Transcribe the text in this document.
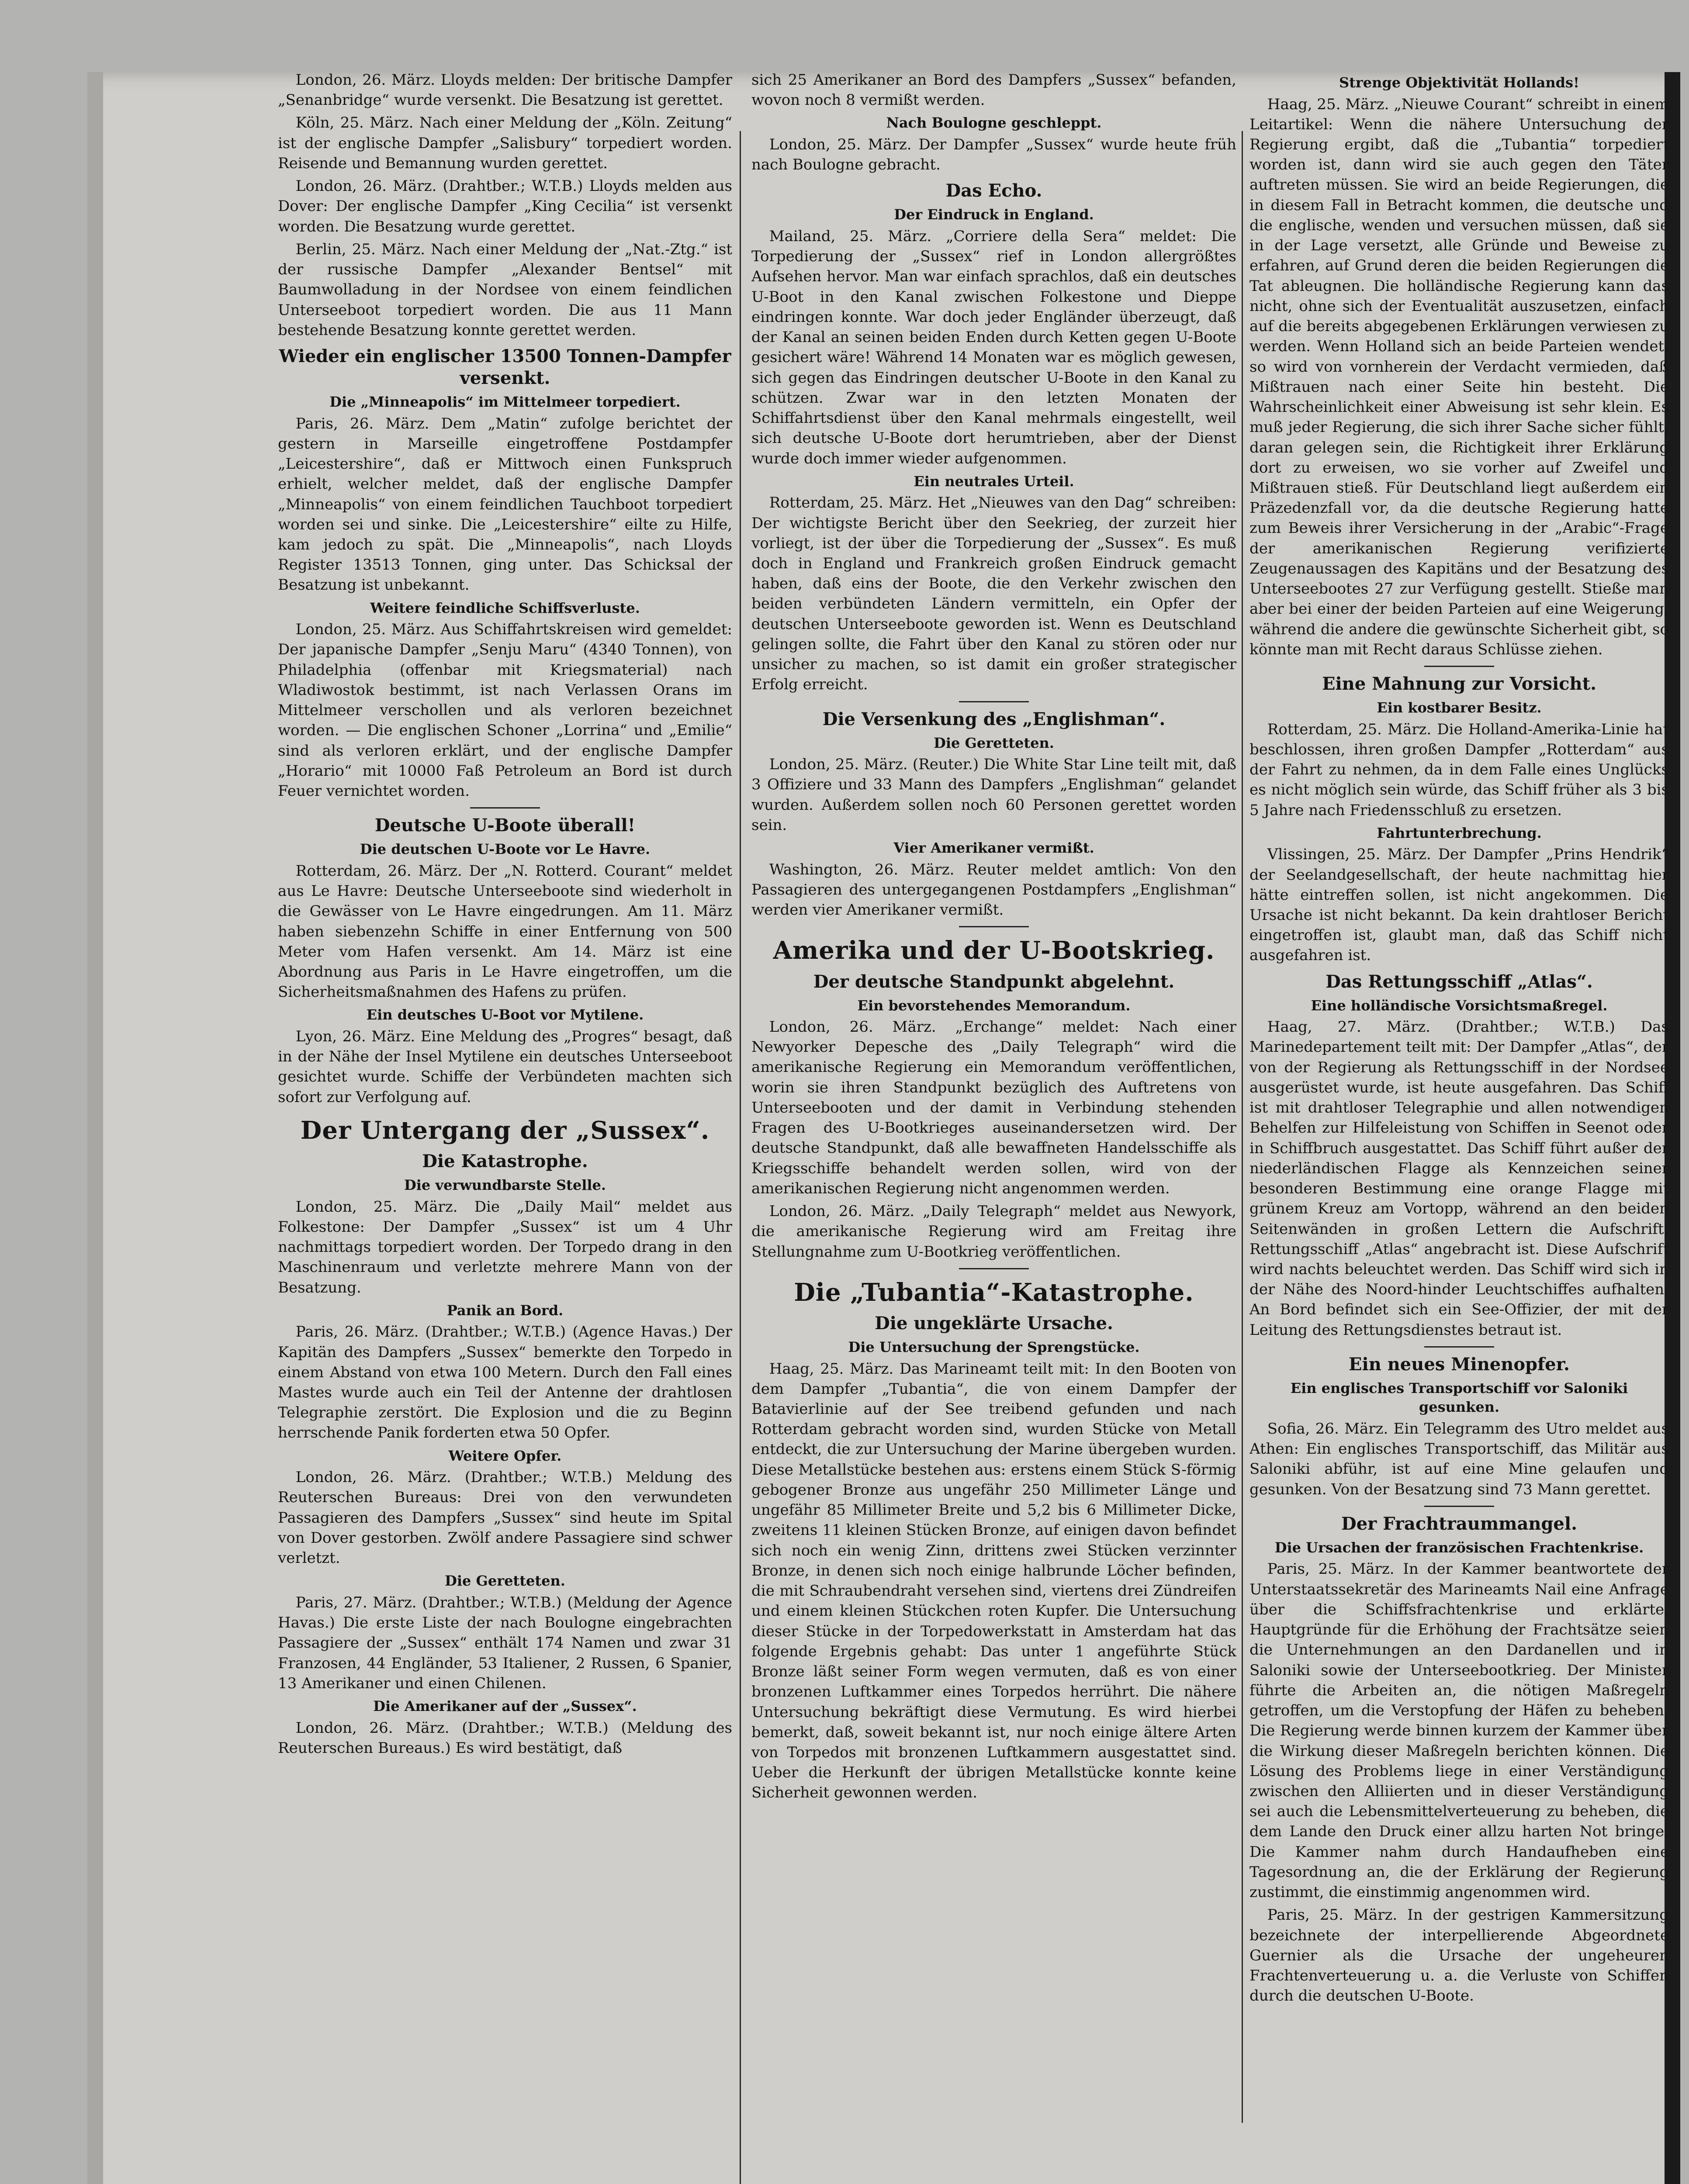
London, 26. März. Lloyds melden: Der britische Dampfer „Senanbridge“ wurde versenkt. Die Besatzung ist gerettet.

Köln, 25. März. Nach einer Meldung der „Köln. Zeitung“ ist der englische Dampfer „Salisbury“ torpediert worden. Reisende und Bemannung wurden gerettet.

London, 26. März. (Drahtber.; W.T.B.) Lloyds melden aus Dover: Der englische Dampfer „King Cecilia“ ist versenkt worden. Die Besatzung wurde gerettet.

Berlin, 25. März. Nach einer Meldung der „Nat.-Ztg.“ ist der russische Dampfer „Alexander Bentsel“ mit Baumwolladung in der Nordsee von einem feindlichen Unterseeboot torpediert worden. Die aus 11 Mann bestehende Besatzung konnte gerettet werden.

Wieder ein englischer 13500 Tonnen-Dampfer versenkt.
Die „Minneapolis“ im Mittelmeer torpediert.

Paris, 26. März. Dem „Matin“ zufolge berichtet der gestern in Marseille eingetroffene Postdampfer „Leicestershire“, daß er Mittwoch einen Funkspruch erhielt, welcher meldet, daß der englische Dampfer „Minneapolis“ von einem feindlichen Tauchboot torpediert worden sei und sinke. Die „Leicestershire“ eilte zu Hilfe, kam jedoch zu spät. Die „Minneapolis“, nach Lloyds Register 13513 Tonnen, ging unter. Das Schicksal der Besatzung ist unbekannt.

Weitere feindliche Schiffsverluste.

London, 25. März. Aus Schiffahrtskreisen wird gemeldet: Der japanische Dampfer „Senju Maru“ (4340 Tonnen), von Philadelphia (offenbar mit Kriegsmaterial) nach Wladiwostok bestimmt, ist nach Verlassen Orans im Mittelmeer verschollen und als verloren bezeichnet worden. — Die englischen Schoner „Lorrina“ und „Emilie“ sind als verloren erklärt, und der englische Dampfer „Horario“ mit 10000 Faß Petroleum an Bord ist durch Feuer vernichtet worden.

Deutsche U-Boote überall!
Die deutschen U-Boote vor Le Havre.

Rotterdam, 26. März. Der „N. Rotterd. Courant“ meldet aus Le Havre: Deutsche Unterseeboote sind wiederholt in die Gewässer von Le Havre eingedrungen. Am 11. März haben siebenzehn Schiffe in einer Entfernung von 500 Meter vom Hafen versenkt. Am 14. März ist eine Abordnung aus Paris in Le Havre eingetroffen, um die Sicherheitsmaßnahmen des Hafens zu prüfen.

Ein deutsches U-Boot vor Mytilene.

Lyon, 26. März. Eine Meldung des „Progres“ besagt, daß in der Nähe der Insel Mytilene ein deutsches Unterseeboot gesichtet wurde. Schiffe der Verbündeten machten sich sofort zur Verfolgung auf.

Der Untergang der „Sussex“.
Die Katastrophe.
Die verwundbarste Stelle.

London, 25. März. Die „Daily Mail“ meldet aus Folkestone: Der Dampfer „Sussex“ ist um 4 Uhr nachmittags torpediert worden. Der Torpedo drang in den Maschinenraum und verletzte mehrere Mann von der Besatzung.

Panik an Bord.

Paris, 26. März. (Drahtber.; W.T.B.) (Agence Havas.) Der Kapitän des Dampfers „Sussex“ bemerkte den Torpedo in einem Abstand von etwa 100 Metern. Durch den Fall eines Mastes wurde auch ein Teil der Antenne der drahtlosen Telegraphie zerstört. Die Explosion und die zu Beginn herrschende Panik forderten etwa 50 Opfer.

Weitere Opfer.

London, 26. März. (Drahtber.; W.T.B.) Meldung des Reuterschen Bureaus: Drei von den verwundeten Passagieren des Dampfers „Sussex“ sind heute im Spital von Dover gestorben. Zwölf andere Passagiere sind schwer verletzt.

Die Geretteten.

Paris, 27. März. (Drahtber.; W.T.B.) (Meldung der Agence Havas.) Die erste Liste der nach Boulogne eingebrachten Passagiere der „Sussex“ enthält 174 Namen und zwar 31 Franzosen, 44 Engländer, 53 Italiener, 2 Russen, 6 Spanier, 13 Amerikaner und einen Chilenen.

Die Amerikaner auf der „Sussex“.

London, 26. März. (Drahtber.; W.T.B.) (Meldung des Reuterschen Bureaus.) Es wird bestätigt, daß

sich 25 Amerikaner an Bord des Dampfers „Sussex“ befanden, wovon noch 8 vermißt werden.

Nach Boulogne geschleppt.

London, 25. März. Der Dampfer „Sussex“ wurde heute früh nach Boulogne gebracht.

Das Echo.
Der Eindruck in England.

Mailand, 25. März. „Corriere della Sera“ meldet: Die Torpedierung der „Sussex“ rief in London allergrößtes Aufsehen hervor. Man war einfach sprachlos, daß ein deutsches U-Boot in den Kanal zwischen Folkestone und Dieppe eindringen konnte. War doch jeder Engländer überzeugt, daß der Kanal an seinen beiden Enden durch Ketten gegen U-Boote gesichert wäre! Während 14 Monaten war es möglich gewesen, sich gegen das Eindringen deutscher U-Boote in den Kanal zu schützen. Zwar war in den letzten Monaten der Schiffahrtsdienst über den Kanal mehrmals eingestellt, weil sich deutsche U-Boote dort herumtrieben, aber der Dienst wurde doch immer wieder aufgenommen.

Ein neutrales Urteil.

Rotterdam, 25. März. Het „Nieuwes van den Dag“ schreiben: Der wichtigste Bericht über den Seekrieg, der zurzeit hier vorliegt, ist der über die Torpedierung der „Sussex“. Es muß doch in England und Frankreich großen Eindruck gemacht haben, daß eins der Boote, die den Verkehr zwischen den beiden verbündeten Ländern vermitteln, ein Opfer der deutschen Unterseeboote geworden ist. Wenn es Deutschland gelingen sollte, die Fahrt über den Kanal zu stören oder nur unsicher zu machen, so ist damit ein großer strategischer Erfolg erreicht.

Die Versenkung des „Englishman“.
Die Geretteten.

London, 25. März. (Reuter.) Die White Star Line teilt mit, daß 3 Offiziere und 33 Mann des Dampfers „Englishman“ gelandet wurden. Außerdem sollen noch 60 Personen gerettet worden sein.

Vier Amerikaner vermißt.

Washington, 26. März. Reuter meldet amtlich: Von den Passagieren des untergegangenen Postdampfers „Englishman“ werden vier Amerikaner vermißt.

Amerika und der U-Bootskrieg.
Der deutsche Standpunkt abgelehnt.
Ein bevorstehendes Memorandum.

London, 26. März. „Erchange“ meldet: Nach einer Newyorker Depesche des „Daily Telegraph“ wird die amerikanische Regierung ein Memorandum veröffentlichen, worin sie ihren Standpunkt bezüglich des Auftretens von Unterseebooten und der damit in Verbindung stehenden Fragen des U-Bootkrieges auseinandersetzen wird. Der deutsche Standpunkt, daß alle bewaffneten Handelsschiffe als Kriegsschiffe behandelt werden sollen, wird von der amerikanischen Regierung nicht angenommen werden.

London, 26. März. „Daily Telegraph“ meldet aus Newyork, die amerikanische Regierung wird am Freitag ihre Stellungnahme zum U-Bootkrieg veröffentlichen.

Die „Tubantia“-Katastrophe.
Die ungeklärte Ursache.
Die Untersuchung der Sprengstücke.

Haag, 25. März. Das Marineamt teilt mit: In den Booten von dem Dampfer „Tubantia“, die von einem Dampfer der Batavierlinie auf der See treibend gefunden und nach Rotterdam gebracht worden sind, wurden Stücke von Metall entdeckt, die zur Untersuchung der Marine übergeben wurden. Diese Metallstücke bestehen aus: erstens einem Stück S-förmig gebogener Bronze aus ungefähr 250 Millimeter Länge und ungefähr 85 Millimeter Breite und 5,2 bis 6 Millimeter Dicke, zweitens 11 kleinen Stücken Bronze, auf einigen davon befindet sich noch ein wenig Zinn, drittens zwei Stücken verzinnter Bronze, in denen sich noch einige halbrunde Löcher befinden, die mit Schraubendraht versehen sind, viertens drei Zündreifen und einem kleinen Stückchen roten Kupfer. Die Untersuchung dieser Stücke in der Torpedowerkstatt in Amsterdam hat das folgende Ergebnis gehabt: Das unter 1 angeführte Stück Bronze läßt seiner Form wegen vermuten, daß es von einer bronzenen Luftkammer eines Torpedos herrührt. Die nähere Untersuchung bekräftigt diese Vermutung. Es wird hierbei bemerkt, daß, soweit bekannt ist, nur noch einige ältere Arten von Torpedos mit bronzenen Luftkammern ausgestattet sind. Ueber die Herkunft der übrigen Metallstücke konnte keine Sicherheit gewonnen werden.

Strenge Objektivität Hollands!

Haag, 25. März. „Nieuwe Courant“ schreibt in einem Leitartikel: Wenn die nähere Untersuchung der Regierung ergibt, daß die „Tubantia“ torpediert worden ist, dann wird sie auch gegen den Täter auftreten müssen. Sie wird an beide Regierungen, die in diesem Fall in Betracht kommen, die deutsche und die englische, wenden und versuchen müssen, daß sie in der Lage versetzt, alle Gründe und Beweise zu erfahren, auf Grund deren die beiden Regierungen die Tat ableugnen. Die holländische Regierung kann das nicht, ohne sich der Eventualität auszusetzen, einfach auf die bereits abgegebenen Erklärungen verwiesen zu werden. Wenn Holland sich an beide Parteien wendet, so wird von vornherein der Verdacht vermieden, daß Mißtrauen nach einer Seite hin besteht. Die Wahrscheinlichkeit einer Abweisung ist sehr klein. Es muß jeder Regierung, die sich ihrer Sache sicher fühlt, daran gelegen sein, die Richtigkeit ihrer Erklärung dort zu erweisen, wo sie vorher auf Zweifel und Mißtrauen stieß. Für Deutschland liegt außerdem ein Präzedenzfall vor, da die deutsche Regierung hatte zum Beweis ihrer Versicherung in der „Arabic“-Frage der amerikanischen Regierung verifizierte Zeugenaussagen des Kapitäns und der Besatzung des Unterseebootes 27 zur Verfügung gestellt. Stieße man aber bei einer der beiden Parteien auf eine Weigerung, während die andere die gewünschte Sicherheit gibt, so könnte man mit Recht daraus Schlüsse ziehen.

Eine Mahnung zur Vorsicht.
Ein kostbarer Besitz.

Rotterdam, 25. März. Die Holland-Amerika-Linie hat beschlossen, ihren großen Dampfer „Rotterdam“ aus der Fahrt zu nehmen, da in dem Falle eines Unglücks es nicht möglich sein würde, das Schiff früher als 3 bis 5 Jahre nach Friedensschluß zu ersetzen.

Fahrtunterbrechung.

Vlissingen, 25. März. Der Dampfer „Prins Hendrik“ der Seelandgesellschaft, der heute nachmittag hier hätte eintreffen sollen, ist nicht angekommen. Die Ursache ist nicht bekannt. Da kein drahtloser Bericht eingetroffen ist, glaubt man, daß das Schiff nicht ausgefahren ist.

Das Rettungsschiff „Atlas“.
Eine holländische Vorsichtsmaßregel.

Haag, 27. März. (Drahtber.; W.T.B.) Das Marinedepartement teilt mit: Der Dampfer „Atlas“, der von der Regierung als Rettungsschiff in der Nordsee ausgerüstet wurde, ist heute ausgefahren. Das Schiff ist mit drahtloser Telegraphie und allen notwendigen Behelfen zur Hilfeleistung von Schiffen in Seenot oder in Schiffbruch ausgestattet. Das Schiff führt außer der niederländischen Flagge als Kennzeichen seiner besonderen Bestimmung eine orange Flagge mit grünem Kreuz am Vortopp, während an den beiden Seitenwänden in großen Lettern die Aufschrift: Rettungsschiff „Atlas“ angebracht ist. Diese Aufschrift wird nachts beleuchtet werden. Das Schiff wird sich in der Nähe des Noord-hinder Leuchtschiffes aufhalten. An Bord befindet sich ein See-Offizier, der mit der Leitung des Rettungsdienstes betraut ist.

Ein neues Minenopfer.
Ein englisches Transportschiff vor Saloniki gesunken.

Sofia, 26. März. Ein Telegramm des Utro meldet aus Athen: Ein englisches Transportschiff, das Militär aus Saloniki abführ, ist auf eine Mine gelaufen und gesunken. Von der Besatzung sind 73 Mann gerettet.

Der Frachtraummangel.
Die Ursachen der französischen Frachtenkrise.

Paris, 25. März. In der Kammer beantwortete der Unterstaatssekretär des Marineamts Nail eine Anfrage über die Schiffsfrachtenkrise und erklärte, Hauptgründe für die Erhöhung der Frachtsätze seien die Unternehmungen an den Dardanellen und in Saloniki sowie der Unterseebootkrieg. Der Minister führte die Arbeiten an, die nötigen Maßregeln getroffen, um die Verstopfung der Häfen zu beheben. Die Regierung werde binnen kurzem der Kammer über die Wirkung dieser Maßregeln berichten können. Die Lösung des Problems liege in einer Verständigung zwischen den Alliierten und in dieser Verständigung sei auch die Lebensmittelverteuerung zu beheben, die dem Lande den Druck einer allzu harten Not bringe. Die Kammer nahm durch Handaufheben eine Tagesordnung an, die der Erklärung der Regierung zustimmt, die einstimmig angenommen wird.

Paris, 25. März. In der gestrigen Kammersitzung bezeichnete der interpellierende Abgeordnete Guernier als die Ursache der ungeheuren Frachtenverteuerung u. a. die Verluste von Schiffen durch die deutschen U-Boote.
